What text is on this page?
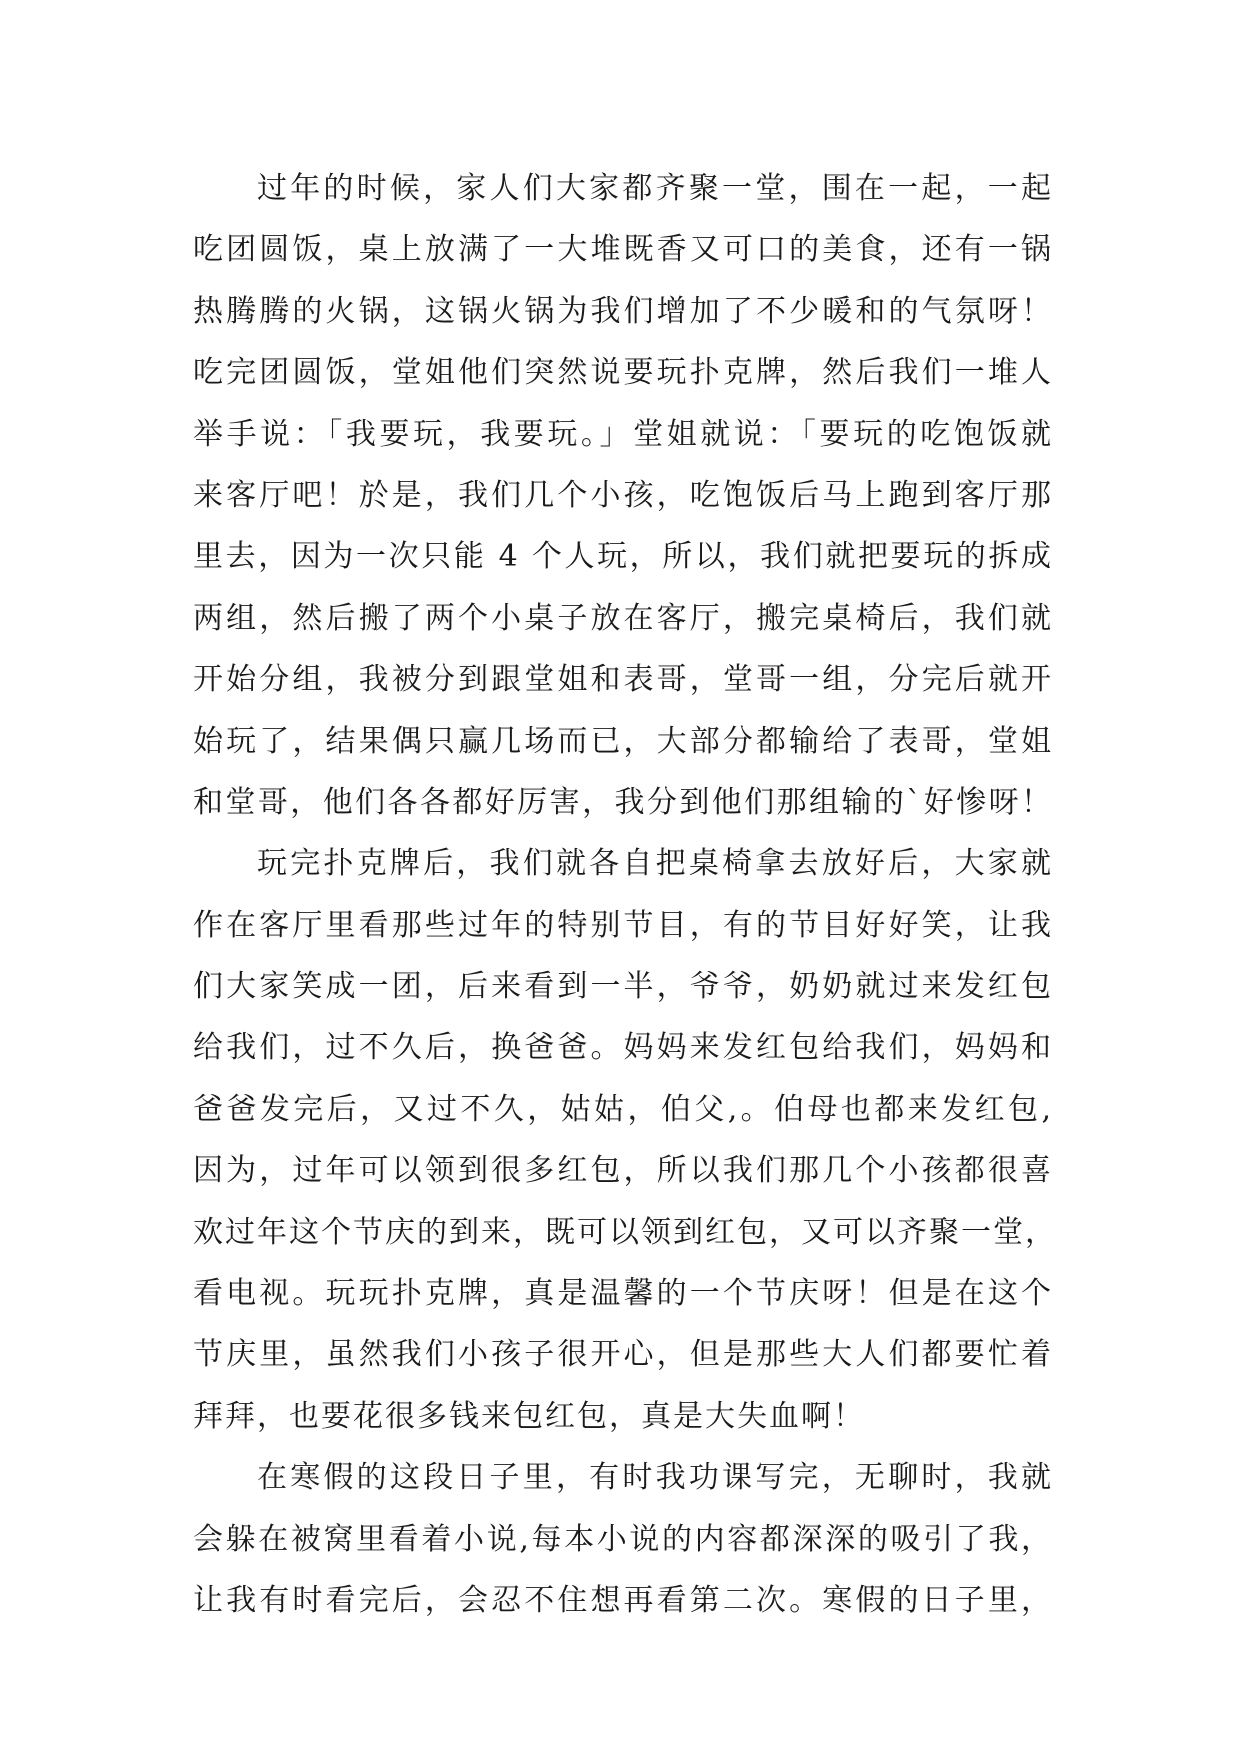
过年的时候，家人们大家都齐聚一堂，围在一起，一起
吃团圆饭，桌上放满了一大堆既香又可口的美食，还有一锅
热腾腾的火锅，这锅火锅为我们增加了不少暖和的气氛呀！
吃完团圆饭，堂姐他们突然说要玩扑克牌，然后我们一堆人
举手说：「我要玩，我要玩。」堂姐就说：「要玩的吃饱饭就
来客厅吧！於是，我们几个小孩，吃饱饭后马上跑到客厅那
里去，因为一次只能 4 个人玩，所以，我们就把要玩的拆成
两组，然后搬了两个小桌子放在客厅，搬完桌椅后，我们就
开始分组，我被分到跟堂姐和表哥，堂哥一组，分完后就开
始玩了，结果偶只赢几场而已，大部分都输给了表哥，堂姐
和堂哥，他们各各都好厉害，我分到他们那组输的`好惨呀！
玩完扑克牌后，我们就各自把桌椅拿去放好后，大家就
作在客厅里看那些过年的特别节目，有的节目好好笑，让我
们大家笑成一团，后来看到一半，爷爷，奶奶就过来发红包
给我们，过不久后，换爸爸。妈妈来发红包给我们，妈妈和
爸爸发完后，又过不久，姑姑，伯父,。伯母也都来发红包,
因为，过年可以领到很多红包，所以我们那几个小孩都很喜
欢过年这个节庆的到来，既可以领到红包，又可以齐聚一堂，
看电视。玩玩扑克牌，真是温馨的一个节庆呀！但是在这个
节庆里，虽然我们小孩子很开心，但是那些大人们都要忙着
拜拜，也要花很多钱来包红包，真是大失血啊！
在寒假的这段日子里，有时我功课写完，无聊时，我就
会躲在被窝里看着小说,每本小说的内容都深深的吸引了我，
让我有时看完后，会忍不住想再看第二次。寒假的日子里，
